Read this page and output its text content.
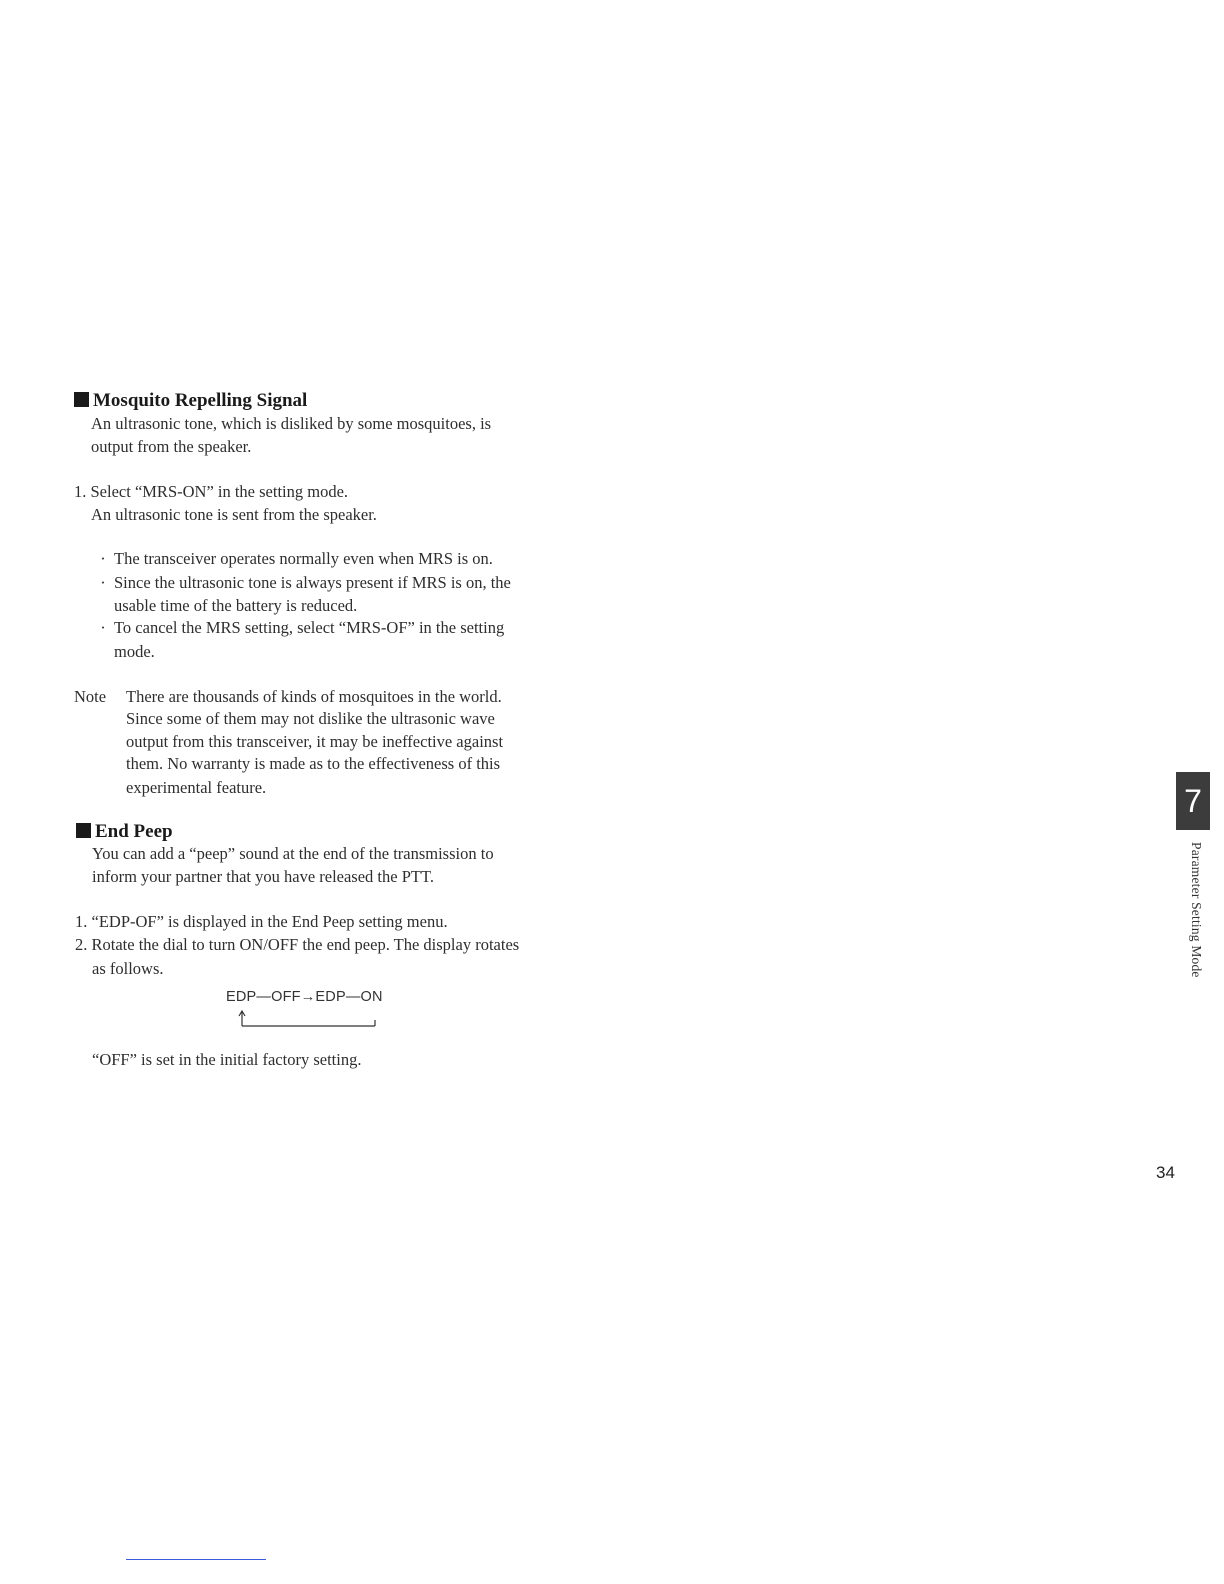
Mosquito Repelling Signal
An ultrasonic tone, which is disliked by some mosquitoes, is
output from the speaker.
1. Select “MRS-ON” in the setting mode.
An ultrasonic tone is sent from the speaker.
· The transceiver operates normally even when MRS is on.
· Since the ultrasonic tone is always present if MRS is on, the
usable time of the battery is reduced.
· To cancel the MRS setting, select “MRS-OF” in the setting
mode.
Note There are thousands of kinds of mosquitoes in the world.
Since some of them may not dislike the ultrasonic wave
output from this transceiver, it may be ineffective against
them. No warranty is made as to the effectiveness of this
experimental feature.
End Peep
You can add a “peep” sound at the end of the transmission to
inform your partner that you have released the PTT.
1. “EDP-OF” is displayed in the End Peep setting menu.
2. Rotate the dial to turn ON/OFF the end peep. The display rotates
as follows.
EDP—OFF→EDP—ON
“OFF” is set in the initial factory setting.
7
Parameter Setting Mode
34
